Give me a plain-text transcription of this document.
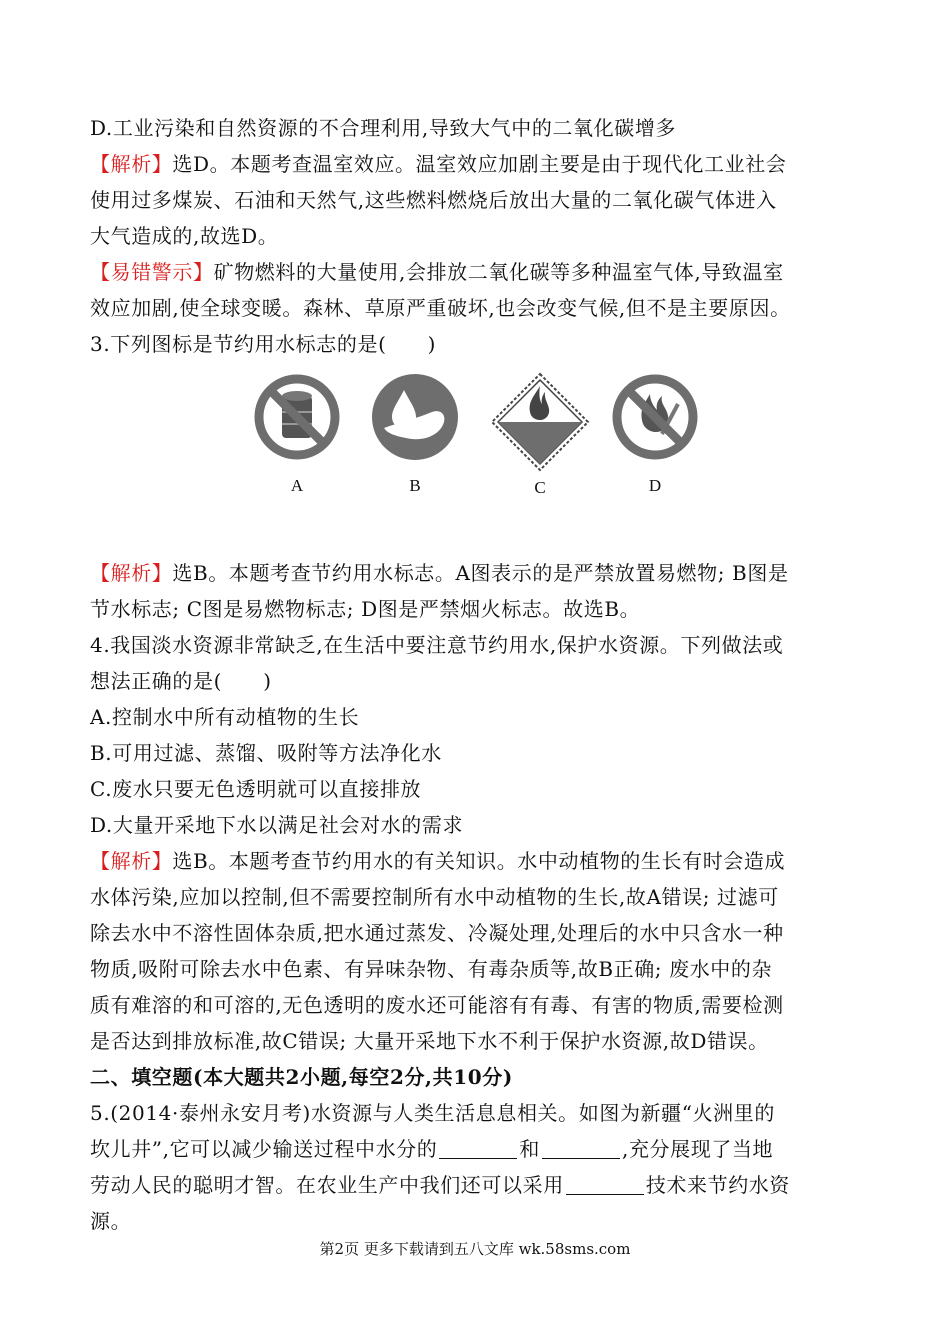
D.工业污染和自然资源的不合理利用,导致大气中的二氧化碳增多
【解析】选D。本题考查温室效应。温室效应加剧主要是由于现代化工业社会
使用过多煤炭、石油和天然气,这些燃料燃烧后放出大量的二氧化碳气体进入
大气造成的,故选D。
【易错警示】矿物燃料的大量使用,会排放二氧化碳等多种温室气体,导致温室
效应加剧,使全球变暖。森林、草原严重破坏,也会改变气候,但不是主要原因。
3.下列图标是节约用水标志的是(　　)
A	B	C	D
【解析】选B。本题考查节约用水标志。A图表示的是严禁放置易燃物; B图是
节水标志; C图是易燃物标志; D图是严禁烟火标志。故选B。
4.我国淡水资源非常缺乏,在生活中要注意节约用水,保护水资源。下列做法或
想法正确的是(　　)
A.控制水中所有动植物的生长
B.可用过滤、蒸馏、吸附等方法净化水
C.废水只要无色透明就可以直接排放
D.大量开采地下水以满足社会对水的需求
【解析】选B。本题考查节约用水的有关知识。水中动植物的生长有时会造成
水体污染,应加以控制,但不需要控制所有水中动植物的生长,故A错误; 过滤可
除去水中不溶性固体杂质,把水通过蒸发、冷凝处理,处理后的水中只含水一种
物质,吸附可除去水中色素、有异味杂物、有毒杂质等,故B正确; 废水中的杂
质有难溶的和可溶的,无色透明的废水还可能溶有有毒、有害的物质,需要检测
是否达到排放标准,故C错误; 大量开采地下水不利于保护水资源,故D错误。
二、填空题(本大题共2小题,每空2分,共10分)
5.(2014·泰州永安月考)水资源与人类生活息息相关。如图为新疆“火洲里的
坎儿井”,它可以减少输送过程中水分的	和	,充分展现了当地
劳动人民的聪明才智。在农业生产中我们还可以采用	技术来节约水资
源。
第2页 更多下载请到五八文库 wk.58sms.com
